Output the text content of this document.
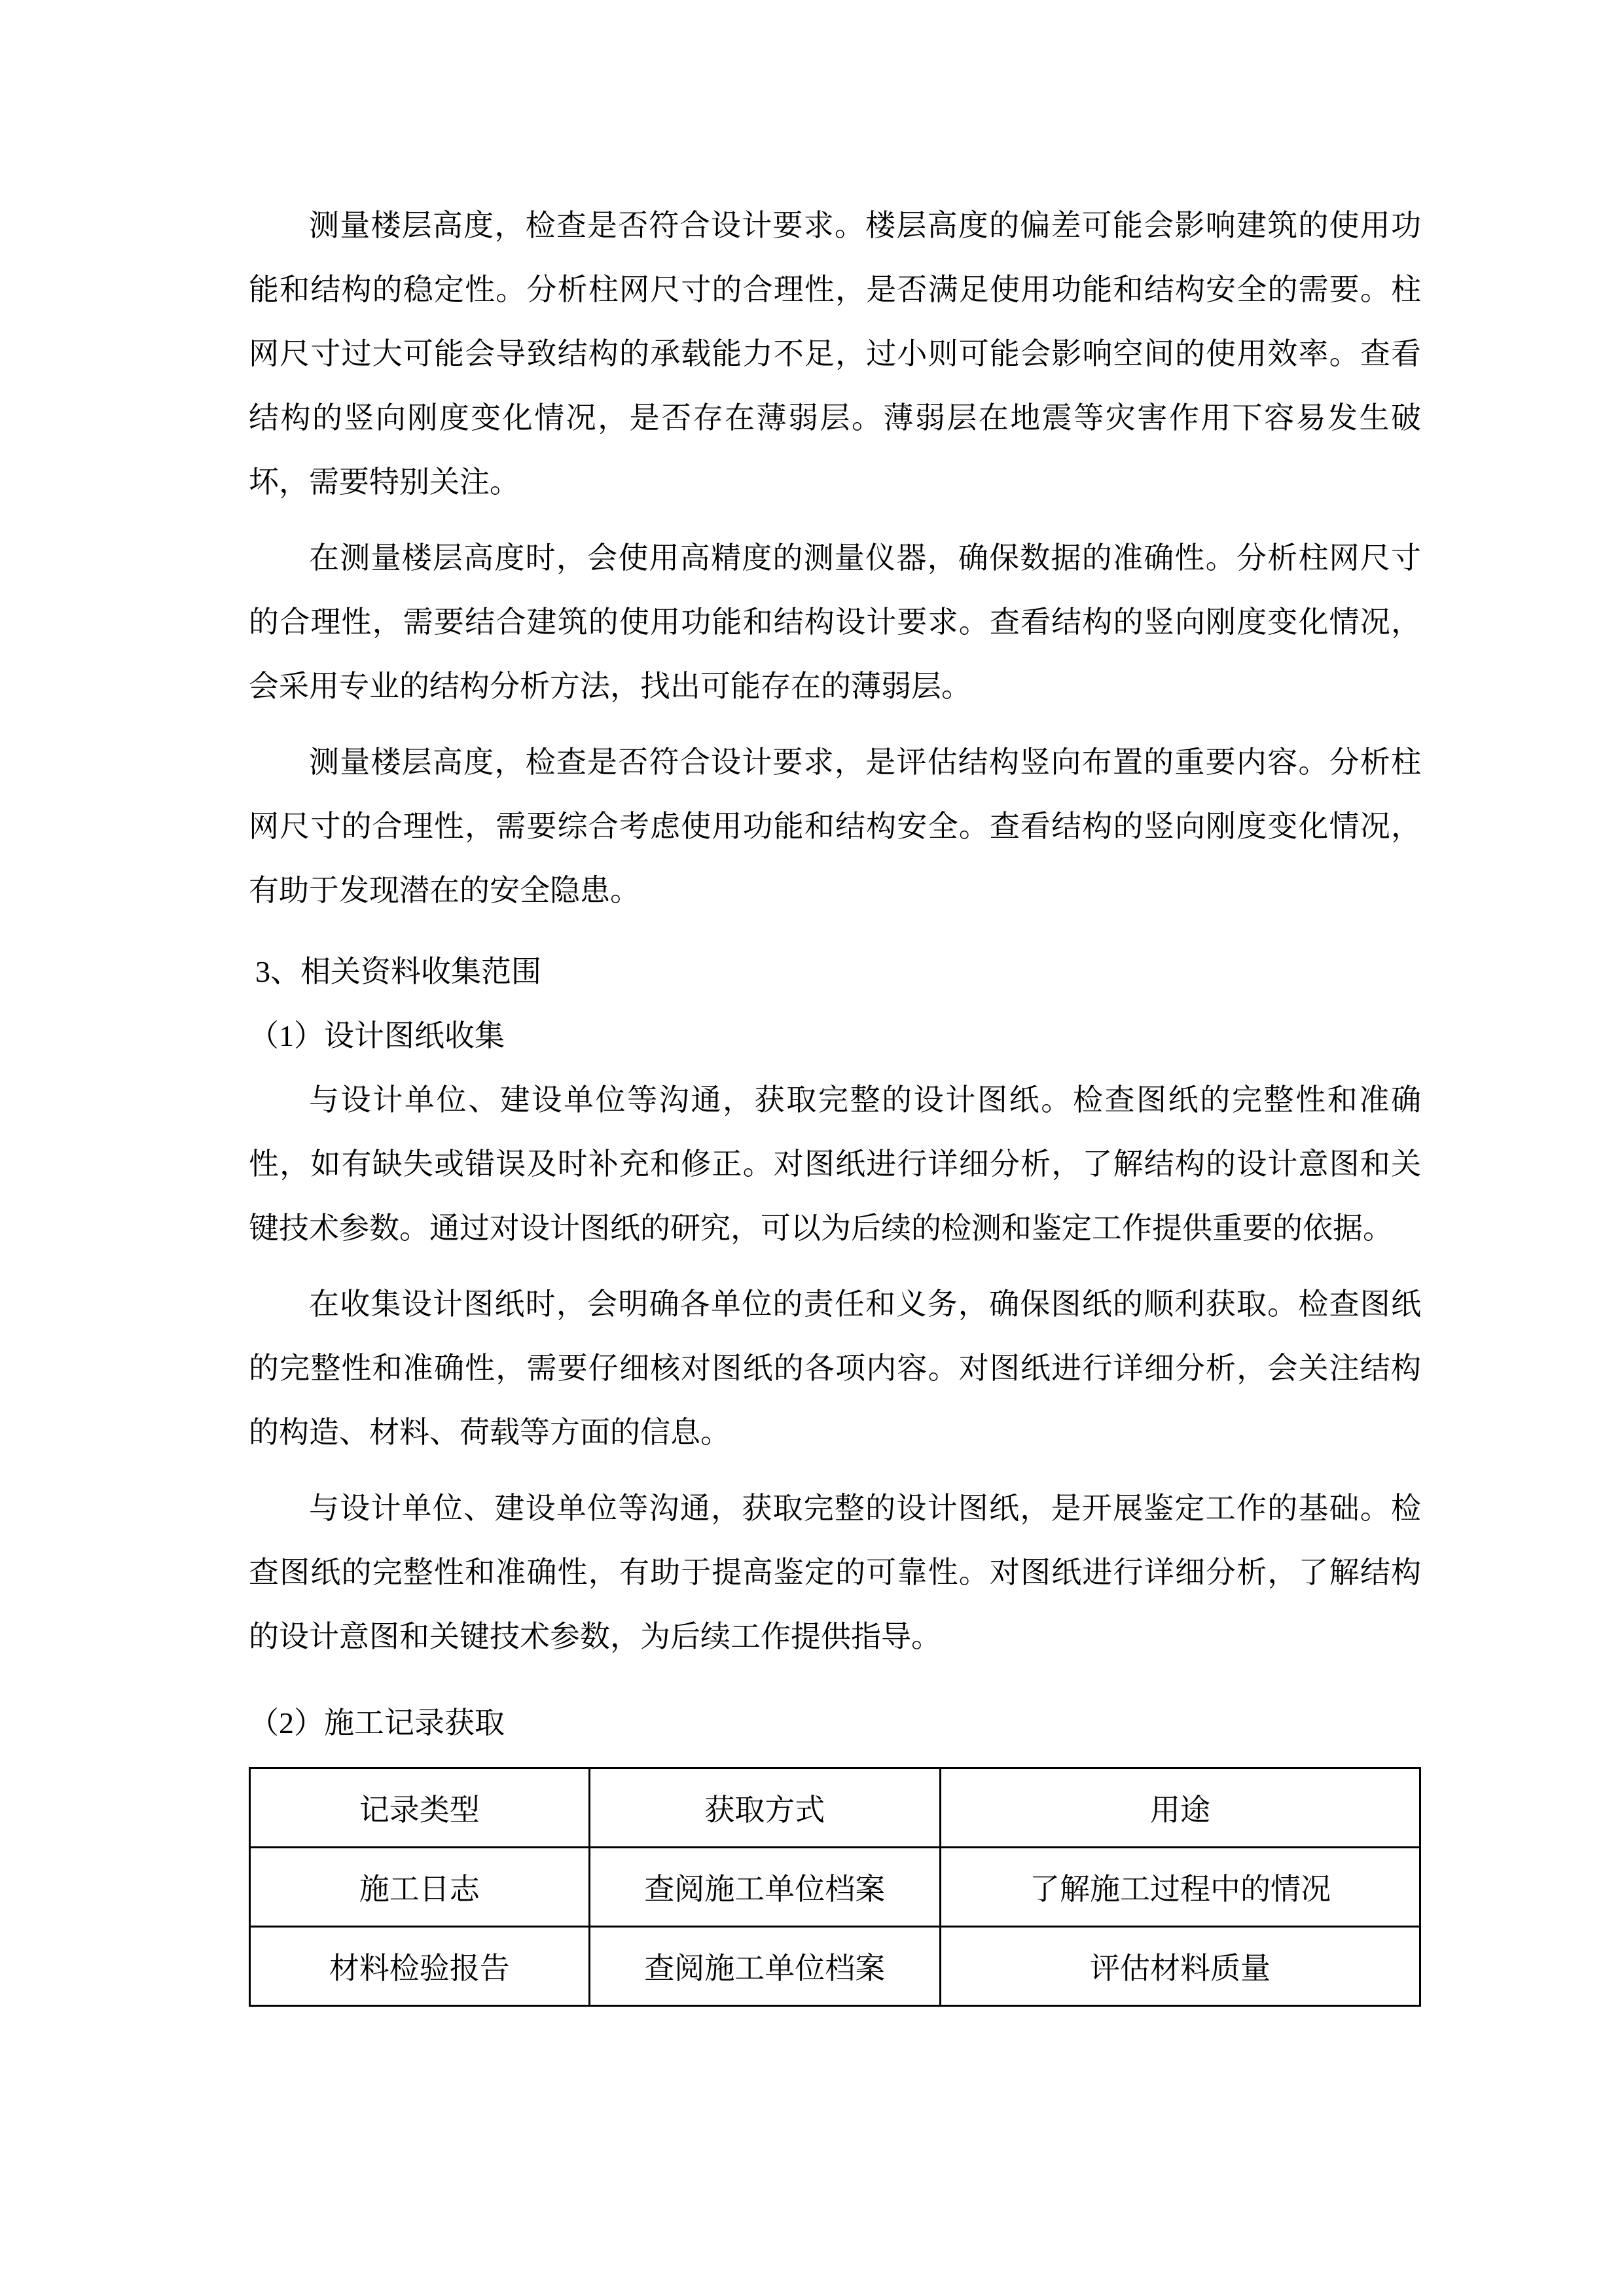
测量楼层高度，检查是否符合设计要求。楼层高度的偏差可能会影响建筑的使用功能和结构的稳定性。分析柱网尺寸的合理性，是否满足使用功能和结构安全的需要。柱网尺寸过大可能会导致结构的承载能力不足，过小则可能会影响空间的使用效率。查看结构的竖向刚度变化情况，是否存在薄弱层。薄弱层在地震等灾害作用下容易发生破坏，需要特别关注。

在测量楼层高度时，会使用高精度的测量仪器，确保数据的准确性。分析柱网尺寸的合理性，需要结合建筑的使用功能和结构设计要求。查看结构的竖向刚度变化情况，会采用专业的结构分析方法，找出可能存在的薄弱层。

测量楼层高度，检查是否符合设计要求，是评估结构竖向布置的重要内容。分析柱网尺寸的合理性，需要综合考虑使用功能和结构安全。查看结构的竖向刚度变化情况，有助于发现潜在的安全隐患。

3、相关资料收集范围
（1）设计图纸收集

与设计单位、建设单位等沟通，获取完整的设计图纸。检查图纸的完整性和准确性，如有缺失或错误及时补充和修正。对图纸进行详细分析，了解结构的设计意图和关键技术参数。通过对设计图纸的研究，可以为后续的检测和鉴定工作提供重要的依据。

在收集设计图纸时，会明确各单位的责任和义务，确保图纸的顺利获取。检查图纸的完整性和准确性，需要仔细核对图纸的各项内容。对图纸进行详细分析，会关注结构的构造、材料、荷载等方面的信息。

与设计单位、建设单位等沟通，获取完整的设计图纸，是开展鉴定工作的基础。检查图纸的完整性和准确性，有助于提高鉴定的可靠性。对图纸进行详细分析，了解结构的设计意图和关键技术参数，为后续工作提供指导。

（2）施工记录获取
记录类型	获取方式	用途
施工日志	查阅施工单位档案	了解施工过程中的情况
材料检验报告	查阅施工单位档案	评估材料质量
